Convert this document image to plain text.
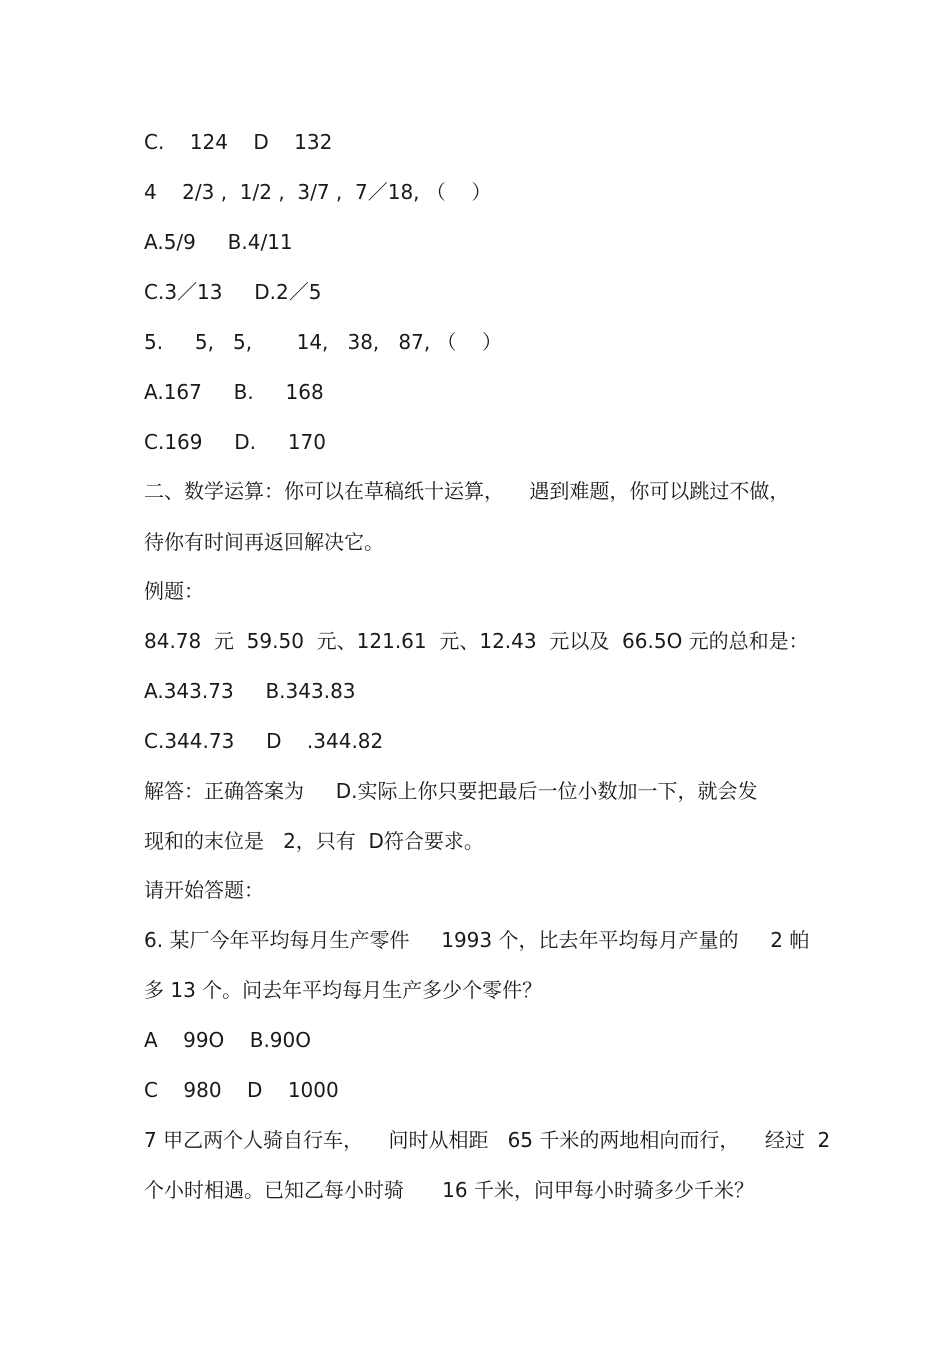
C.    124    D    132
4    2/3 ,  1/2 ,  3/7 ,  7／18, （    ）
A.5/9     B.4/11
C.3／13     D.2／5
5.     5,   5,       14,   38,   87, （    ）
A.167     B.     168
C.169     D.     170
二、数学运算：你可以在草稿纸十运算，    遇到难题，你可以跳过不做，
待你有时间再返回解决它。
例题：
84.78  元  59.50  元、121.61  元、12.43  元以及  66.5O 元的总和是：
A.343.73     B.343.83
C.344.73     D    .344.82
解答：正确答案为     D.实际上你只要把最后一位小数加一下，就会发
现和的末位是   2，只有  D符合要求。
请开始答题：
6. 某厂今年平均每月生产零件     1993 个，比去年平均每月产量的     2 帕
多 13 个。问去年平均每月生产多少个零件？
A    99O    B.90O
C    980    D    1000
7 甲乙两个人骑自行车，    问时从相距   65 千米的两地相向而行，    经过  2
个小时相遇。已知乙每小时骑      16 千米，问甲每小时骑多少千米？
